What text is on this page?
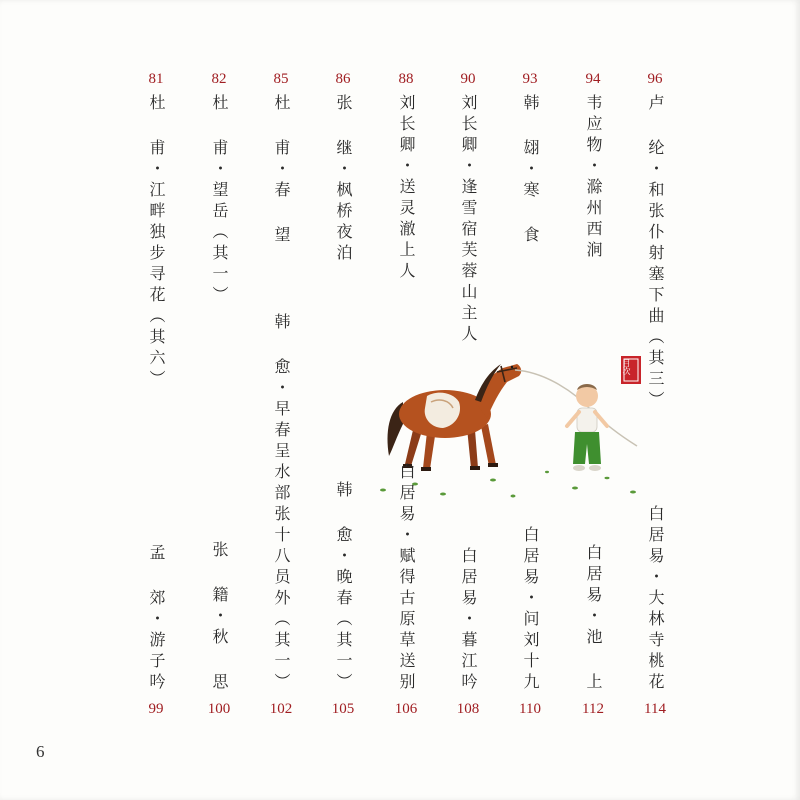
96
卢 纶・和张仆射塞下曲（其三）
94
韦应物・滁州西涧
93
韩 翃・寒 食
90
刘长卿・逢雪宿芙蓉山主人
88
刘长卿・送灵澈上人
86
张 继・枫桥夜泊
85
杜 甫・春 望
82
杜 甫・望岳（其一）
81
杜 甫・江畔独步寻花（其六）	目次
白居易・大林寺桃花
114
白居易・池 上
112
白居易・问刘十九
110
白居易・暮江吟
108
白居易・赋得古原草送别
106
韩 愈・晚春（其一）
105
韩 愈・早春呈水部张十八员外（其一）
102
张 籍・秋 思
100
孟 郊・游子吟
99
6
